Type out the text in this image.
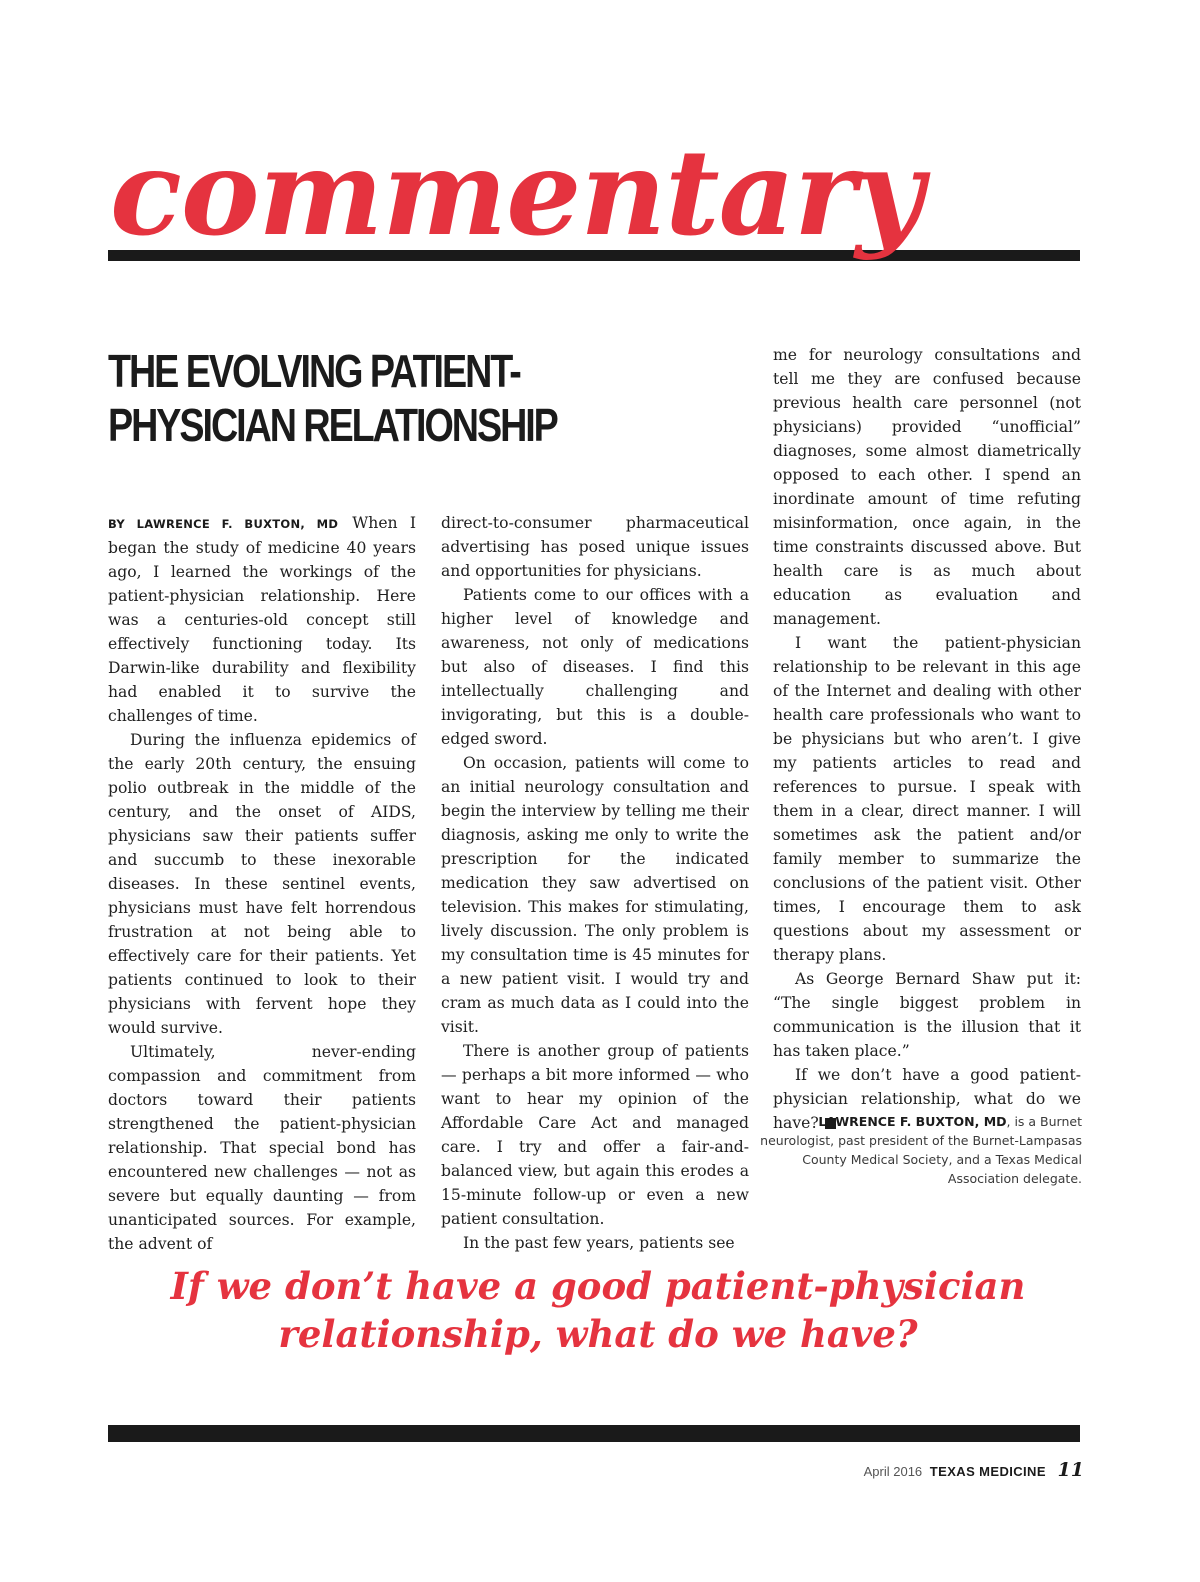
commentary
THE EVOLVING PATIENT-PHYSICIAN RELATIONSHIP

BY LAWRENCE F. BUXTON, MD When I began the study of medicine 40 years ago, I learned the workings of the patient-physician relationship. Here was a centuries-old concept still effectively functioning today. Its Darwin-like durability and flexibility had enabled it to survive the challenges of time.

During the influenza epidemics of the early 20th century, the ensuing polio outbreak in the middle of the century, and the onset of AIDS, physicians saw their patients suffer and succumb to these inexorable diseases. In these sentinel events, physicians must have felt horrendous frustration at not being able to effectively care for their patients. Yet patients continued to look to their physicians with fervent hope they would survive.

Ultimately, never-ending compassion and commitment from doctors toward their patients strengthened the patient-physician relationship. That special bond has encountered new challenges — not as severe but equally daunting — from unanticipated sources. For example, the advent of

direct-to-consumer pharmaceutical advertising has posed unique issues and opportunities for physicians.

Patients come to our offices with a higher level of knowledge and awareness, not only of medications but also of diseases. I find this intellectually challenging and invigorating, but this is a double-edged sword.

On occasion, patients will come to an initial neurology consultation and begin the interview by telling me their diagnosis, asking me only to write the prescription for the indicated medication they saw advertised on television. This makes for stimulating, lively discussion. The only problem is my consultation time is 45 minutes for a new patient visit. I would try and cram as much data as I could into the visit.

There is another group of patients — perhaps a bit more informed — who want to hear my opinion of the Affordable Care Act and managed care. I try and offer a fair-and-balanced view, but again this erodes a 15-minute follow-up or even a new patient consultation.

In the past few years, patients see

me for neurology consultations and tell me they are confused because previous health care personnel (not physicians) provided “unofficial” diagnoses, some almost diametrically opposed to each other. I spend an inordinate amount of time refuting misinformation, once again, in the time constraints discussed above. But health care is as much about education as evaluation and management.

I want the patient-physician relationship to be relevant in this age of the Internet and dealing with other health care professionals who want to be physicians but who aren’t. I give my patients articles to read and references to pursue. I speak with them in a clear, direct manner. I will sometimes ask the patient and/or family member to summarize the conclusions of the patient visit. Other times, I encourage them to ask questions about my assessment or therapy plans.

As George Bernard Shaw put it: “The single biggest problem in communication is the illusion that it has taken place.”

If we don’t have a good patient-physician relationship, what do we have? LAWRENCE F. BUXTON, MD, is a Burnet neurologist, past president of the Burnet-Lampasas County Medical Society, and a Texas Medical Association delegate.

If we don’t have a good patient-physician relationship, what do we have?

April 2016 TEXAS MEDICINE 11
